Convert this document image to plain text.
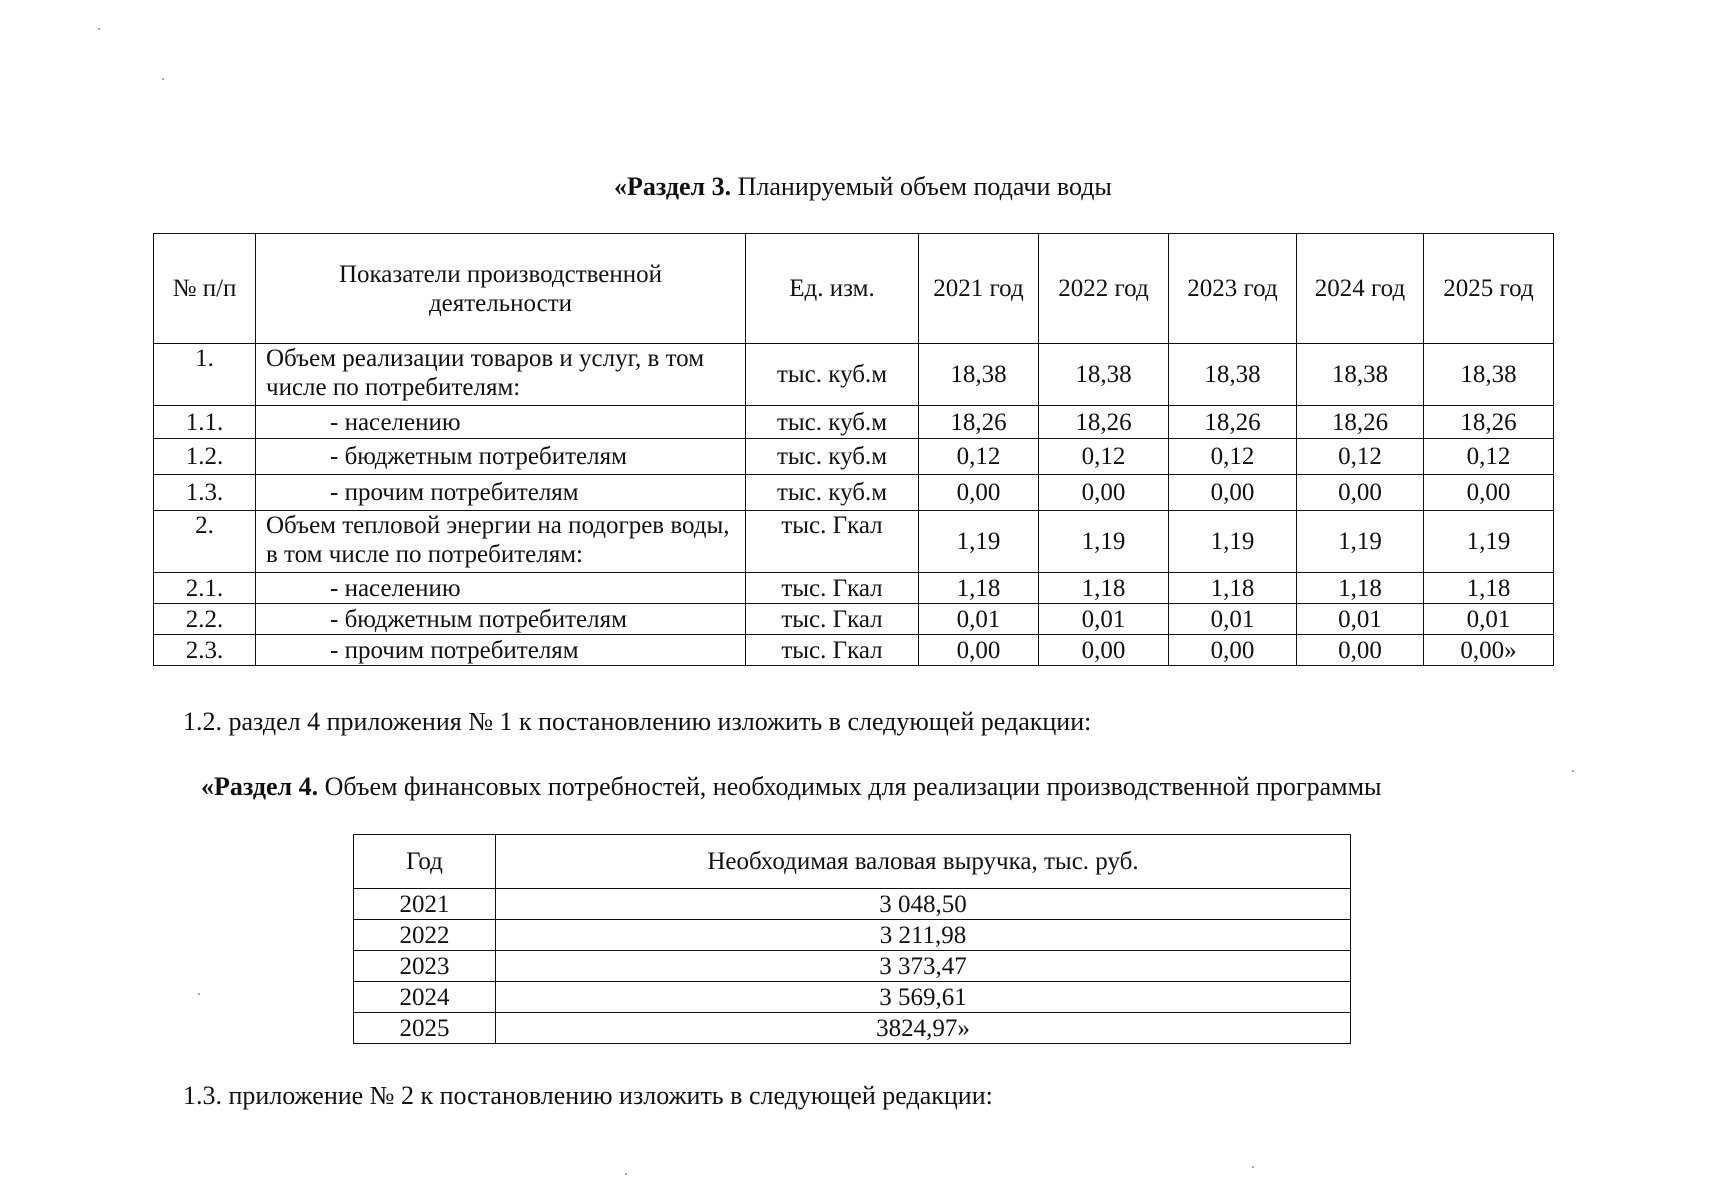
«Раздел 3. Планируемый объем подачи воды
№ п/п	Показатели производственной деятельности	Ед. изм.	2021 год	2022 год	2023 год	2024 год	2025 год
1.	Объем реализации товаров и услуг, в том числе по потребителям:	тыс. куб.м	18,38	18,38	18,38	18,38	18,38
1.1.	- населению	тыс. куб.м	18,26	18,26	18,26	18,26	18,26
1.2.	- бюджетным потребителям	тыс. куб.м	0,12	0,12	0,12	0,12	0,12
1.3.	- прочим потребителям	тыс. куб.м	0,00	0,00	0,00	0,00	0,00
2.	Объем тепловой энергии на подогрев воды, в том числе по потребителям:	тыс. Гкал	1,19	1,19	1,19	1,19	1,19
2.1.	- населению	тыс. Гкал	1,18	1,18	1,18	1,18	1,18
2.2.	- бюджетным потребителям	тыс. Гкал	0,01	0,01	0,01	0,01	0,01
2.3.	- прочим потребителям	тыс. Гкал	0,00	0,00	0,00	0,00	0,00»
1.2. раздел 4 приложения № 1 к постановлению изложить в следующей редакции:
«Раздел 4. Объем финансовых потребностей, необходимых для реализации производственной программы
Год	Необходимая валовая выручка, тыс. руб.
2021	3 048,50
2022	3 211,98
2023	3 373,47
2024	3 569,61
2025	3824,97»
1.3. приложение № 2 к постановлению изложить в следующей редакции:
